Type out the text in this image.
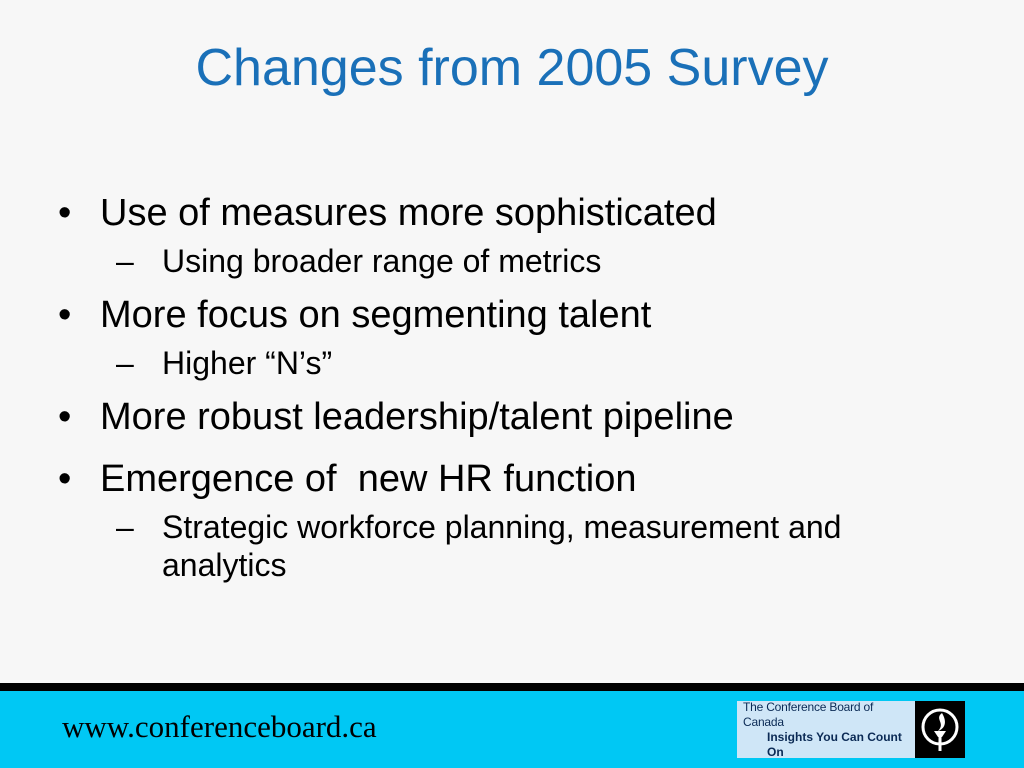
Changes from 2005 Survey
• Use of measures more sophisticated
– Using broader range of metrics
• More focus on segmenting talent
– Higher “N’s”
• More robust leadership/talent pipeline
• Emergence of  new HR function
– Strategic workforce planning, measurement and analytics
www.conferenceboard.ca
The Conference Board of Canada
Insights You Can Count On
